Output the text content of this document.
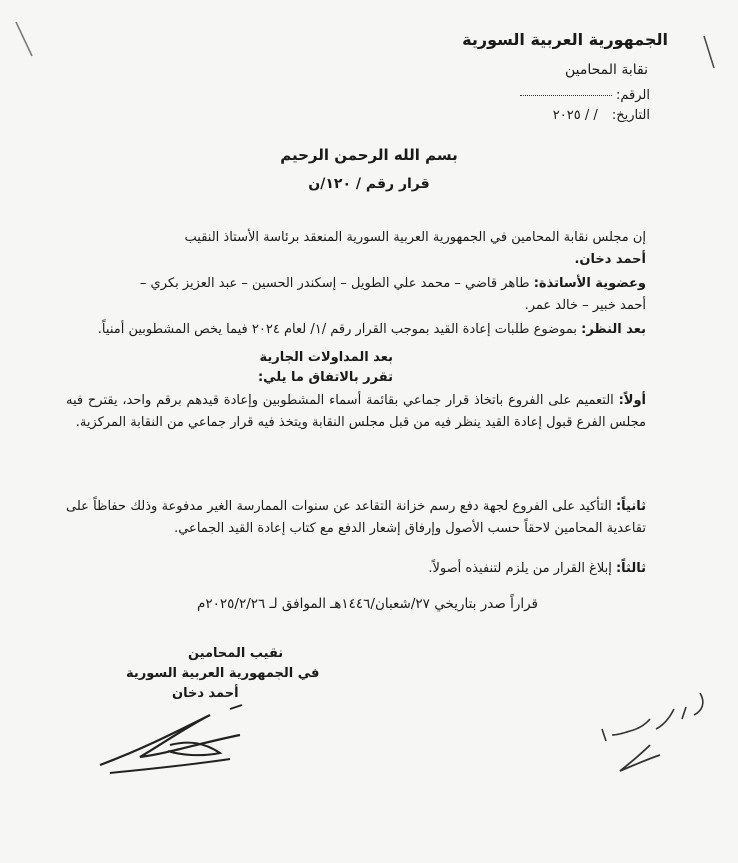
الجمهورية العربية السورية
نقابة المحامين
الرقم:
التاريخ: / / ٢٠٢٥
بسم الله الرحمن الرحيم
قرار رقم / ١٢٠/ن
إن مجلس نقابة المحامين في الجمهورية العربية السورية المنعقد برئاسة الأستاذ النقيب
أحمد دخان.
وعضوية الأساتذة: طاهر قاضي – محمد علي الطويل – إسكندر الحسين – عبد العزيز بكري –
أحمد خبير – خالد عمر.
بعد النظر: بموضوع طلبات إعادة القيد بموجب القرار رقم /١/ لعام ٢٠٢٤ فيما يخص المشطوبين أمنياً.
بعد المداولات الجارية
تقرر بالاتفاق ما يلي:
أولاً: التعميم على الفروع باتخاذ قرار جماعي بقائمة أسماء المشطوبين وإعادة قيدهم برقم واحد، يقترح فيه مجلس الفرع قبول إعادة القيد ينظر فيه من قبل مجلس النقابة ويتخذ فيه قرار جماعي من النقابة المركزية.
ثانياً: التأكيد على الفروع لجهة دفع رسم خزانة التقاعد عن سنوات الممارسة الغير مدفوعة وذلك حفاظاً على تقاعدية المحامين لاحقاً حسب الأصول وإرفاق إشعار الدفع مع كتاب إعادة القيد الجماعي.
ثالثاً: إبلاغ القرار من يلزم لتنفيذه أصولاً.
قراراً صدر بتاريخي ٢٧/شعبان/١٤٤٦هـ الموافق لـ ٢٠٢٥/٢/٢٦م
نقيب المحامين
في الجمهورية العربية السورية
أحمد دخان
